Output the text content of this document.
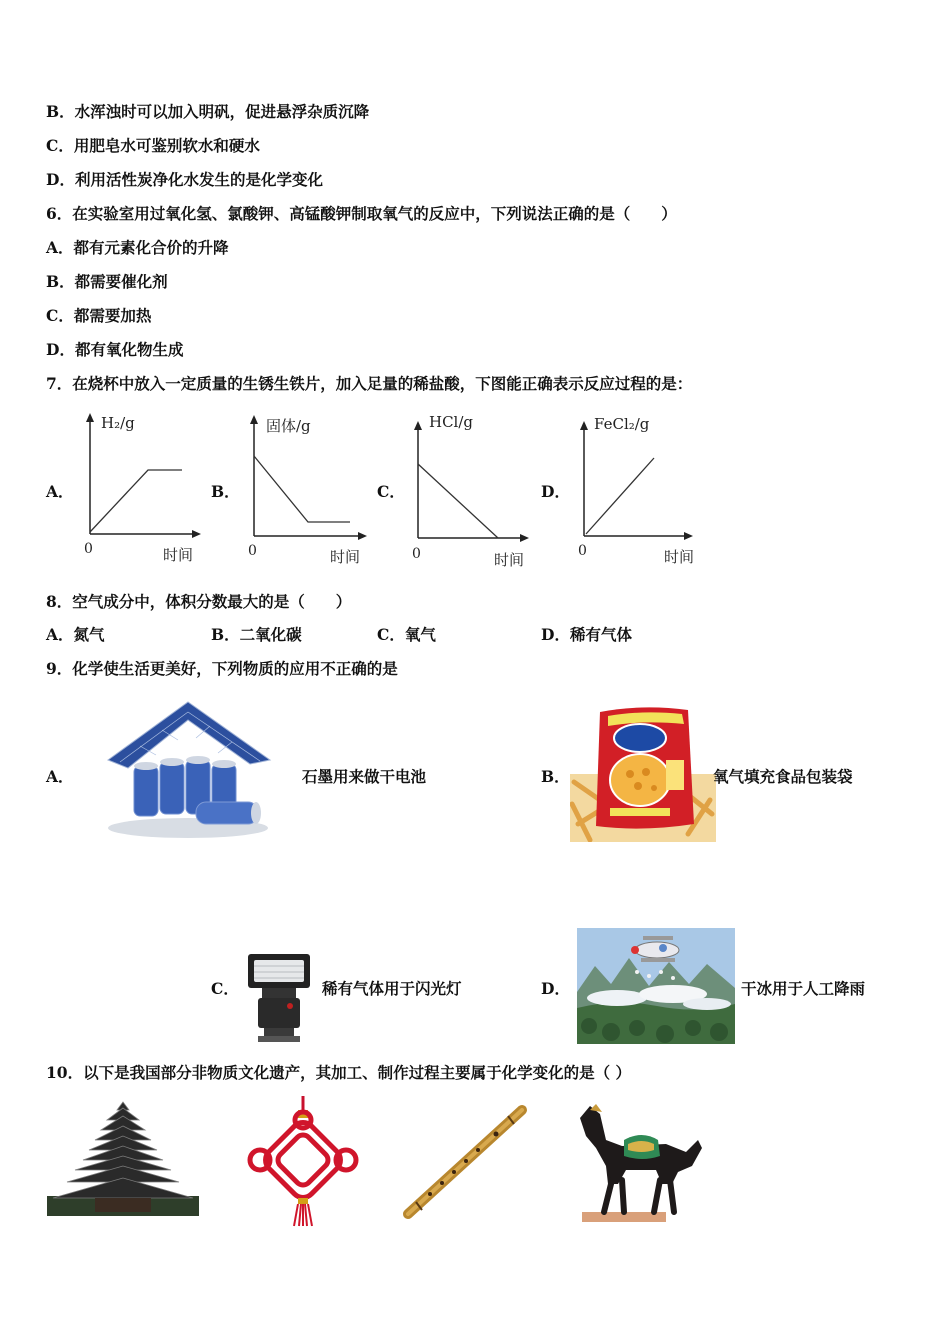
B．水浑浊时可以加入明矾，促进悬浮杂质沉降
C．用肥皂水可鉴别软水和硬水
D．利用活性炭净化水发生的是化学变化
6．在实验室用过氧化氢、氯酸钾、高锰酸钾制取氧气的反应中，下列说法正确的是（　　）
A．都有元素化合价的升降
B．都需要催化剂
C．都需要加热
D．都有氧化物生成
7．在烧杯中放入一定质量的生锈生铁片，加入足量的稀盐酸，下图能正确表示反应过程的是：
A．	B．	C．	D．
H₂/g
0	时间
固体/g
0	时间
HCl/g
0	时间
FeCl₂/g
0	时间
8．空气成分中，体积分数最大的是（　　）
A．氮气	B．二氧化碳	C．氧气	D．稀有气体
9．化学使生活更美好，下列物质的应用不正确的是
A．	石墨用来做干电池	B．	氧气填充食品包装袋
C．	稀有气体用于闪光灯	D．	干冰用于人工降雨
10．以下是我国部分非物质文化遗产，其加工、制作过程主要属于化学变化的是（ ）
